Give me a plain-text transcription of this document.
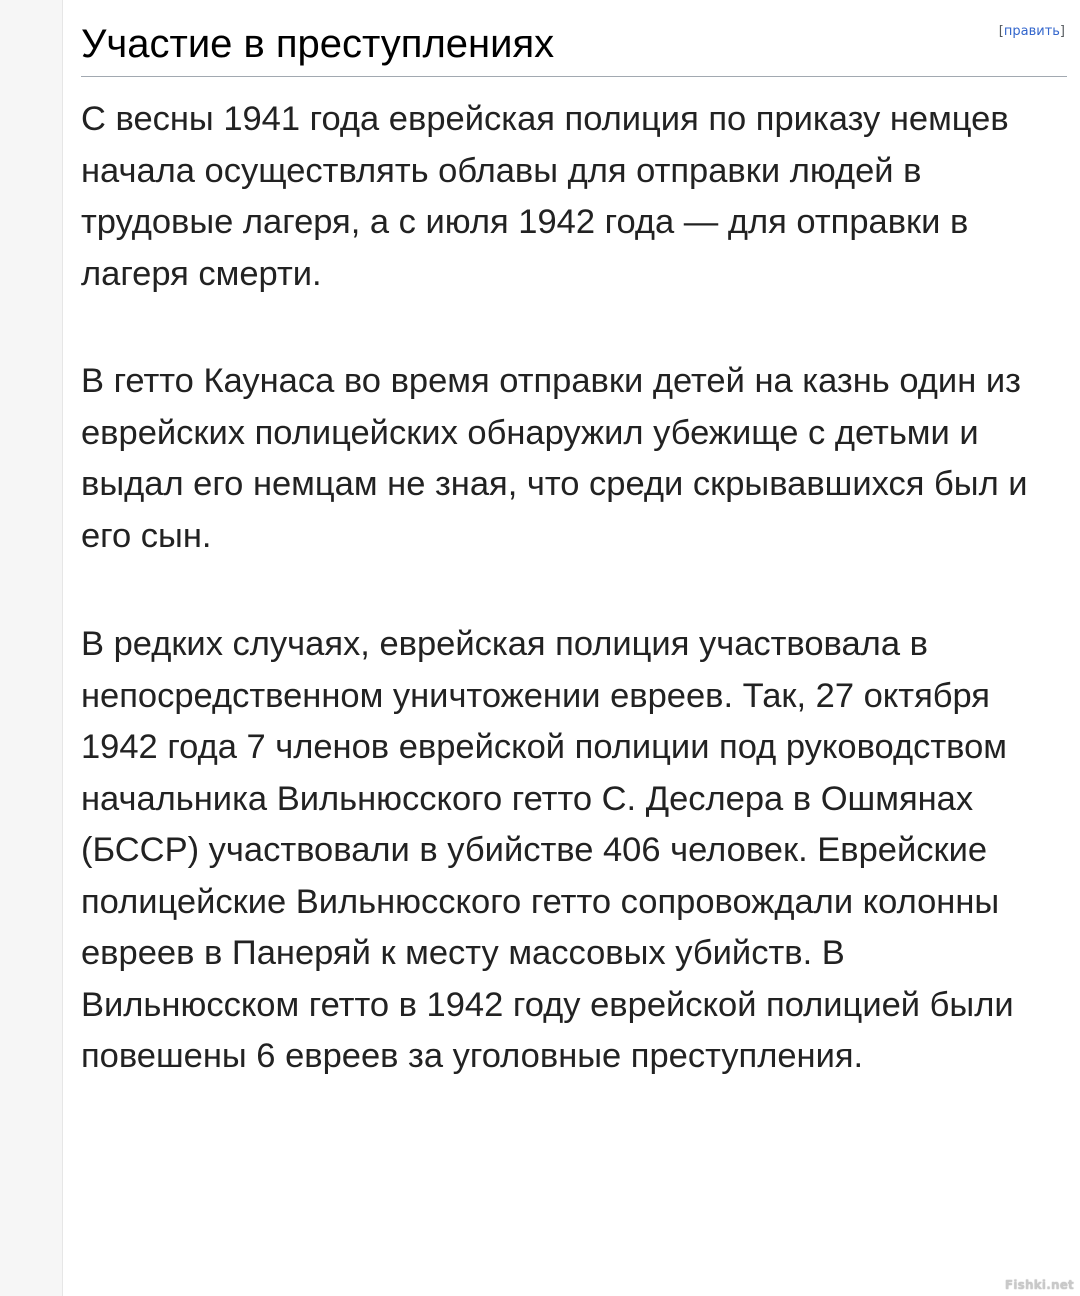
Участие в преступлениях	[править]

С весны 1941 года еврейская полиция по приказу немцев начала осуществлять облавы для отправки людей в трудовые лагеря, а с июля 1942 года — для отправки в лагеря смерти.

В гетто Каунаса во время отправки детей на казнь один из еврейских полицейских обнаружил убежище с детьми и выдал его немцам не зная, что среди скрывавшихся был и его сын.

В редких случаях, еврейская полиция участвовала в непосредственном уничтожении евреев. Так, 27 октября 1942 года 7 членов еврейской полиции под руководством начальника Вильнюсского гетто С. Деслера в Ошмянах (БССР) участвовали в убийстве 406 человек. Еврейские полицейские Вильнюсского гетто сопровождали колонны евреев в Панеряй к месту массовых убийств. В Вильнюсском гетто в 1942 году еврейской полицией были повешены 6 евреев за уголовные преступления.

Fishki.net
